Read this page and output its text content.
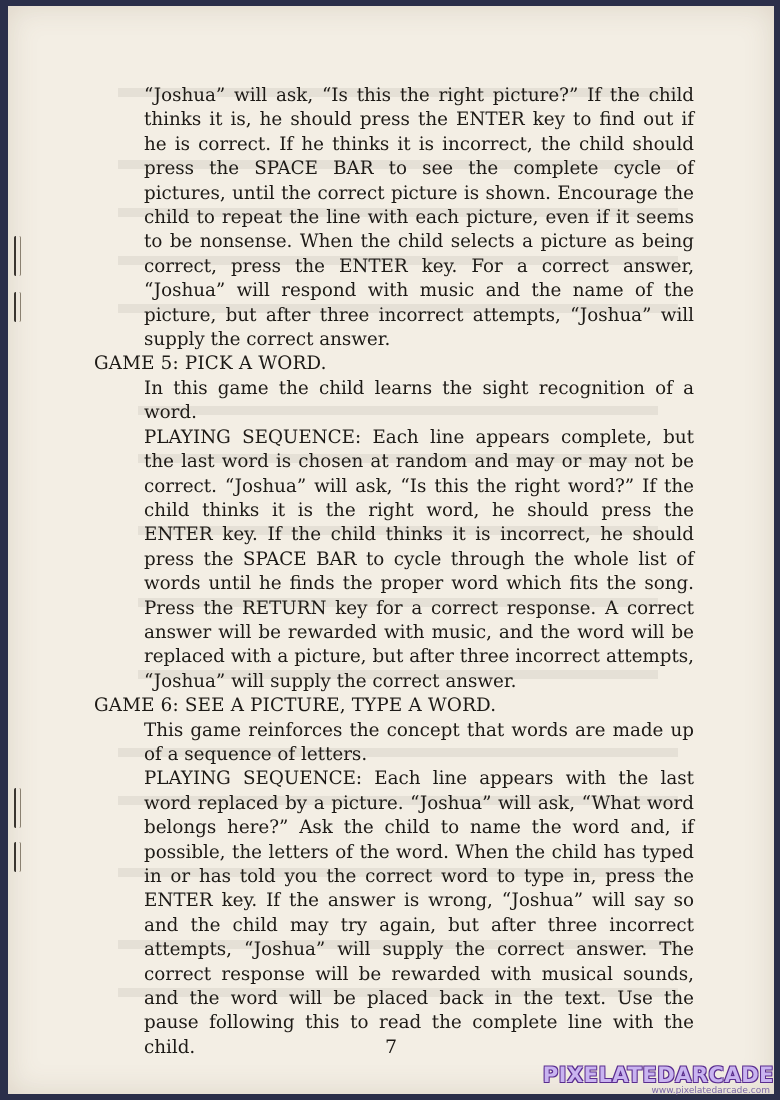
“Joshua” will ask, “Is this the right picture?” If the child thinks it is, he should press the ENTER key to find out if he is correct. If he thinks it is incorrect, the child should press the SPACE BAR to see the complete cycle of pictures, until the correct picture is shown. Encourage the child to repeat the line with each picture, even if it seems to be nonsense. When the child selects a picture as being correct, press the ENTER key. For a correct answer, “Joshua” will respond with music and the name of the picture, but after three incorrect attempts, “Joshua” will supply the correct answer.

GAME 5: PICK A WORD.

In this game the child learns the sight recognition of a word.

PLAYING SEQUENCE: Each line appears complete, but the last word is chosen at random and may or may not be correct. “Joshua” will ask, “Is this the right word?” If the child thinks it is the right word, he should press the ENTER key. If the child thinks it is incorrect, he should press the SPACE BAR to cycle through the whole list of words until he finds the proper word which fits the song. Press the RETURN key for a correct response. A correct answer will be rewarded with music, and the word will be replaced with a picture, but after three incorrect attempts, “Joshua” will supply the correct answer.

GAME 6: SEE A PICTURE, TYPE A WORD.

This game reinforces the concept that words are made up of a sequence of letters.

PLAYING SEQUENCE: Each line appears with the last word replaced by a picture. “Joshua” will ask, “What word belongs here?” Ask the child to name the word and, if possible, the letters of the word. When the child has typed in or has told you the correct word to type in, press the ENTER key. If the answer is wrong, “Joshua” will say so and the child may try again, but after three incorrect attempts, “Joshua” will supply the correct answer. The correct response will be rewarded with musical sounds, and the word will be placed back in the text. Use the pause following this to read the complete line with the child.	7
PIXELATEDARCADE
www.pixelatedarcade.com
